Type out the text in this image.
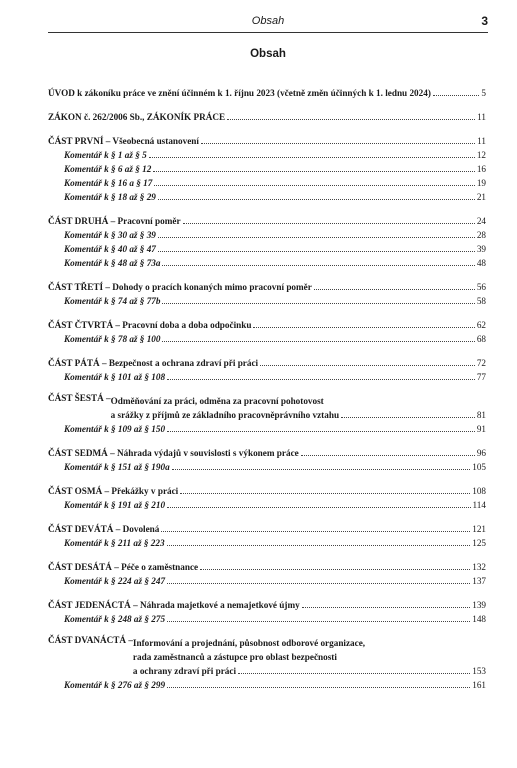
Obsah	3
Obsah
ÚVOD k zákoníku práce ve znění účinném k 1. říjnu 2023 (včetně změn účinných k 1. lednu 2024)	5
ZÁKON č. 262/2006 Sb., ZÁKONÍK PRÁCE	11
ČÁST PRVNÍ – Všeobecná ustanovení	11
Komentář k § 1 až § 5	12
Komentář k § 6 až § 12	16
Komentář k § 16 a § 17	19
Komentář k § 18 až § 29	21
ČÁST DRUHÁ – Pracovní poměr	24
Komentář k § 30 až § 39	28
Komentář k § 40 až § 47	39
Komentář k § 48 až § 73a	48
ČÁST TŘETÍ – Dohody o pracích konaných mimo pracovní poměr	56
Komentář k § 74 až § 77b	58
ČÁST ČTVRTÁ – Pracovní doba a doba odpočinku	62
Komentář k § 78 až § 100	68
ČÁST PÁTÁ – Bezpečnost a ochrana zdraví při práci	72
Komentář k § 101 až § 108	77
ČÁST ŠESTÁ – Odměňování za práci, odměna za pracovní pohotovost
a srážky z příjmů ze základního pracovněprávního vztahu	81
Komentář k § 109 až § 150	91
ČÁST SEDMÁ – Náhrada výdajů v souvislosti s výkonem práce	96
Komentář k § 151 až § 190a	105
ČÁST OSMÁ – Překážky v práci	108
Komentář k § 191 až § 210	114
ČÁST DEVÁTÁ – Dovolená	121
Komentář k § 211 až § 223	125
ČÁST DESÁTÁ – Péče o zaměstnance	132
Komentář k § 224 až § 247	137
ČÁST JEDENÁCTÁ – Náhrada majetkové a nemajetkové újmy	139
Komentář k § 248 až § 275	148
ČÁST DVANÁCTÁ – Informování a projednání, působnost odborové organizace,
rada zaměstnanců a zástupce pro oblast bezpečnosti
a ochrany zdraví při práci	153
Komentář k § 276 až § 299	161
